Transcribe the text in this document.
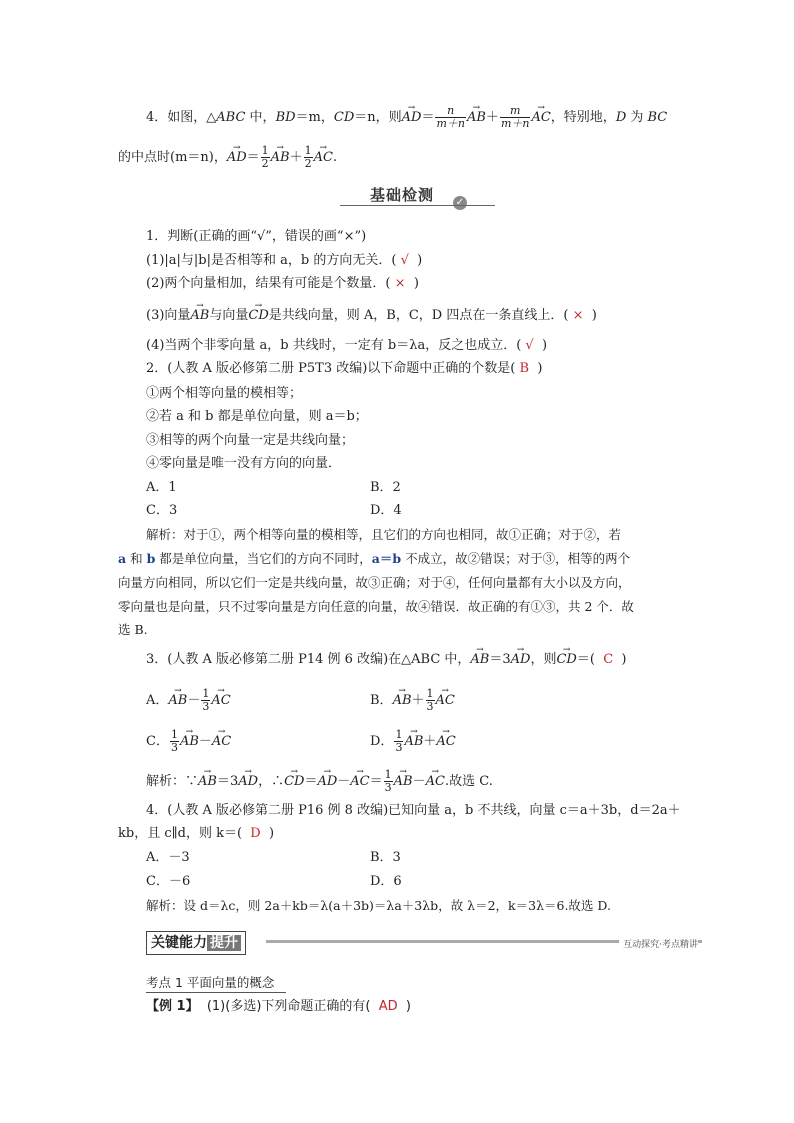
4．如图，△ABC 中，BD＝m，CD＝n，则→ $AD= \frac{n}{m+n}$
→ $AB+ \frac{m}{m+n}$
→ AC，特别地，D 为 BC
的中点时(m＝n)，→ $AD= \frac{1}{2}$
→ $AB+ \frac{1}{2}$
→ AC.
基础检测 ✓
1．判断(正确的画“√”，错误的画“×”)
(1)|a|与|b|是否相等和 a，b 的方向无关．( √ )
(2)两个向量相加，结果有可能是个数量．( × )
(3)向量→ AB与向量→ CD是共线向量，则 A，B，C，D 四点在一条直线上．( × )
(4)当两个非零向量 a，b 共线时，一定有 b＝λa，反之也成立．( √ )
2．(人教 A 版必修第二册 P5T3 改编)以下命题中正确的个数是( B )
①两个相等向量的模相等；
②若 a 和 b 都是单位向量，则 a＝b；
③相等的两个向量一定是共线向量；
④零向量是唯一没有方向的向量．
A．1	B．2
C．3	D．4
解析：对于①，两个相等向量的模相等，且它们的方向也相同，故①正确；对于②，若
a 和 b 都是单位向量，当它们的方向不同时，a＝b 不成立，故②错误；对于③，相等的两个
向量方向相同，所以它们一定是共线向量，故③正确；对于④，任何向量都有大小以及方向，
零向量也是向量，只不过零向量是方向任意的向量，故④错误．故正确的有①③，共 2 个．故
选 B.
3．(人教 A 版必修第二册 P14 例 6 改编)在△ABC 中，→ AB＝3→ AD，则→ CD＝( C )
A．→ $AB- \frac{1}{3}$
→ AC	B．→ $AB+ \frac{1}{3}$
→ AC
C． $\frac{1}{3}$
→ AB－→ AC	D． $\frac{1}{3}$
→ AB＋→ AC
解析：∵→ AB＝3→ AD，∴→ $CD=\to AD-\to AC= \frac{1}{3}$
→ AB－→ AC.故选 C.
4．(人教 A 版必修第二册 P16 例 8 改编)已知向量 a，b 不共线，向量 c＝a＋3b，d＝2a＋
kb，且 c∥d，则 k＝( D )
A．－3	B．3
C．－6	D．6
解析：设 d＝λc，则 2a＋kb＝λ(a＋3b)＝λa＋3λb，故 λ＝2，k＝3λ＝6.故选 D.
关键能力 提升	互动探究·考点精讲
考点 1 平面向量的概念
【例 1】 (1)(多选)下列命题正确的有( AD )
